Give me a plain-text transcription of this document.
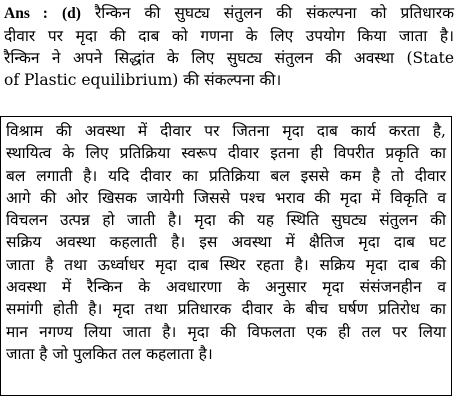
Ans : (d) रैन्किन की सुघट्य संतुलन की संकल्पना को प्रतिधारक
दीवार पर मृदा की दाब को गणना के लिए उपयोग किया जाता है।
रैन्किन ने अपने सिद्धांत के लिए सुघट्य संतुलन की अवस्था (State
of Plastic equilibrium) की संकल्पना की।
विश्राम की अवस्था में दीवार पर जितना मृदा दाब कार्य करता है,
स्थायित्व के लिए प्रतिक्रिया स्वरूप दीवार इतना ही विपरीत प्रकृति का
बल लगाती है। यदि दीवार का प्रतिक्रिया बल इससे कम है तो दीवार
आगे की ओर खिसक जायेगी जिससे पश्च भराव की मृदा में विकृति व
विचलन उत्पन्न हो जाती है। मृदा की यह स्थिति सुघट्य संतुलन की
सक्रिय अवस्था कहलाती है। इस अवस्था में क्षैतिज मृदा दाब घट
जाता है तथा ऊर्ध्वाधर मृदा दाब स्थिर रहता है। सक्रिय मृदा दाब की
अवस्था में रैन्किन के अवधारणा के अनुसार मृदा संसंजनहीन व
समांगी होती है। मृदा तथा प्रतिधारक दीवार के बीच घर्षण प्रतिरोध का
मान नगण्य लिया जाता है। मृदा की विफलता एक ही तल पर लिया
जाता है जो पुलकित तल कहलाता है।
